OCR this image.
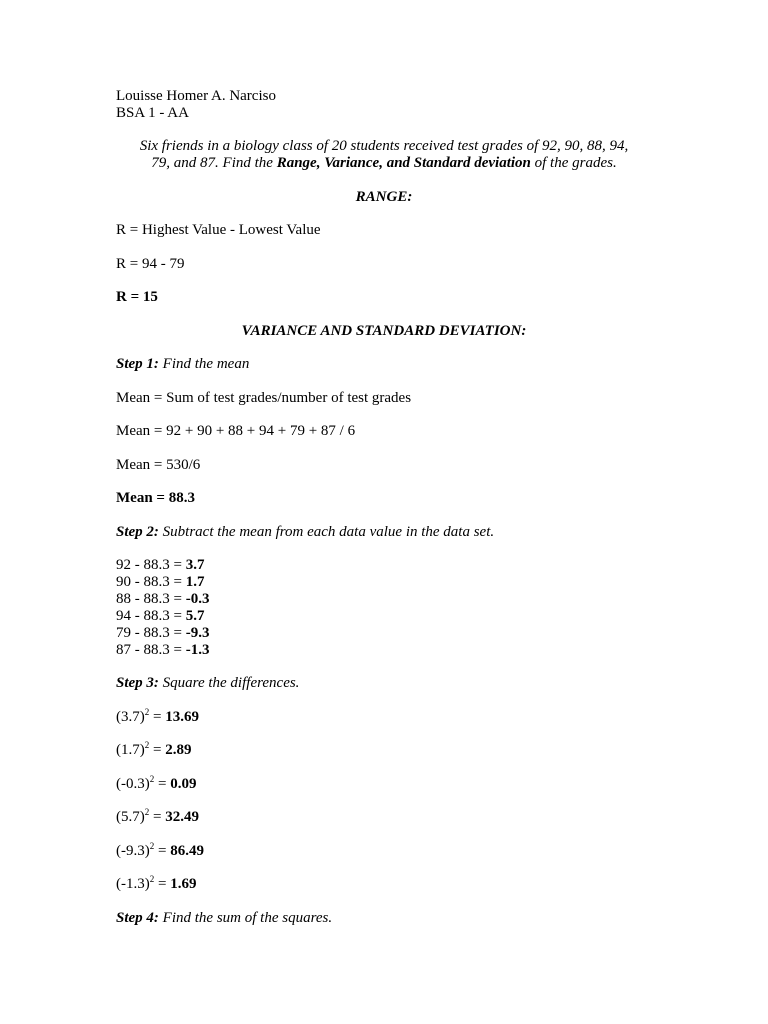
Louisse Homer A. Narciso
BSA 1 - AA
Six friends in a biology class of 20 students received test grades of 92, 90, 88, 94,
79, and 87. Find the Range, Variance, and Standard deviation of the grades.
RANGE:
R = Highest Value - Lowest Value
R = 94 - 79
R = 15
VARIANCE AND STANDARD DEVIATION:
Step 1: Find the mean
Mean = Sum of test grades/number of test grades
Mean = 92 + 90 + 88 + 94 + 79 + 87 / 6
Mean = 530/6
Mean = 88.3
Step 2: Subtract the mean from each data value in the data set.
92 - 88.3 = 3.7
90 - 88.3 = 1.7
88 - 88.3 = -0.3
94 - 88.3 = 5.7
79 - 88.3 = -9.3
87 - 88.3 = -1.3
Step 3: Square the differences.
$(3.7)^2 = 13.69$
$(1.7)^2 = 2.89$
$(-0.3)^2 = 0.09$
$(5.7)^2 = 32.49$
$(-9.3)^2 = 86.49$
$(-1.3)^2 = 1.69$
Step 4: Find the sum of the squares.
